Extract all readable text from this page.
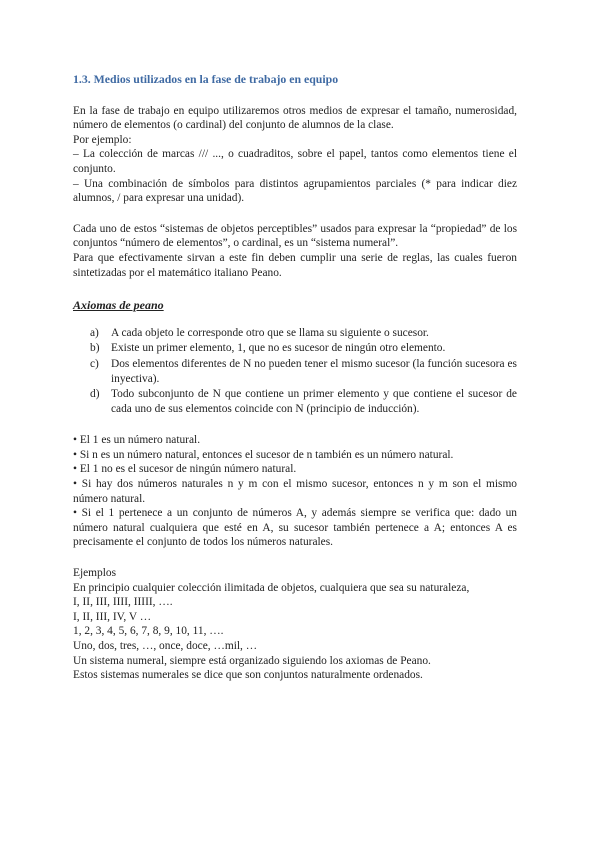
1.3. Medios utilizados en la fase de trabajo en equipo

En la fase de trabajo en equipo utilizaremos otros medios de expresar el tamaño, numerosidad, número de elementos (o cardinal) del conjunto de alumnos de la clase.

Por ejemplo:

– La colección de marcas /// ..., o cuadraditos, sobre el papel, tantos como elementos tiene el conjunto.

– Una combinación de símbolos para distintos agrupamientos parciales (* para indicar diez alumnos, / para expresar una unidad).

Cada uno de estos “sistemas de objetos perceptibles” usados para expresar la “propiedad” de los conjuntos “número de elementos”, o cardinal, es un “sistema numeral”.

Para que efectivamente sirvan a este fin deben cumplir una serie de reglas, las cuales fueron sintetizadas por el matemático italiano Peano.

Axiomas de peano

a)	A cada objeto le corresponde otro que se llama su siguiente o sucesor.
b)	Existe un primer elemento, 1, que no es sucesor de ningún otro elemento.
c)	Dos elementos diferentes de N no pueden tener el mismo sucesor (la función sucesora es inyectiva).
d)	Todo subconjunto de N que contiene un primer elemento y que contiene el sucesor de cada uno de sus elementos coincide con N (principio de inducción).

• El 1 es un número natural.

• Si n es un número natural, entonces el sucesor de n también es un número natural.

• El 1 no es el sucesor de ningún número natural.

• Si hay dos números naturales n y m con el mismo sucesor, entonces n y m son el mismo número natural.

• Si el 1 pertenece a un conjunto de números A, y además siempre se verifica que: dado un número natural cualquiera que esté en A, su sucesor también pertenece a A; entonces A es precisamente el conjunto de todos los números naturales.

Ejemplos

En principio cualquier colección ilimitada de objetos, cualquiera que sea su naturaleza,

I, II, III, IIII, IIIII, ….

I, II, III, IV, V …

1, 2, 3, 4, 5, 6, 7, 8, 9, 10, 11, ….

Uno, dos, tres, …, once, doce, …mil, …

Un sistema numeral, siempre está organizado siguiendo los axiomas de Peano.

Estos sistemas numerales se dice que son conjuntos naturalmente ordenados.
